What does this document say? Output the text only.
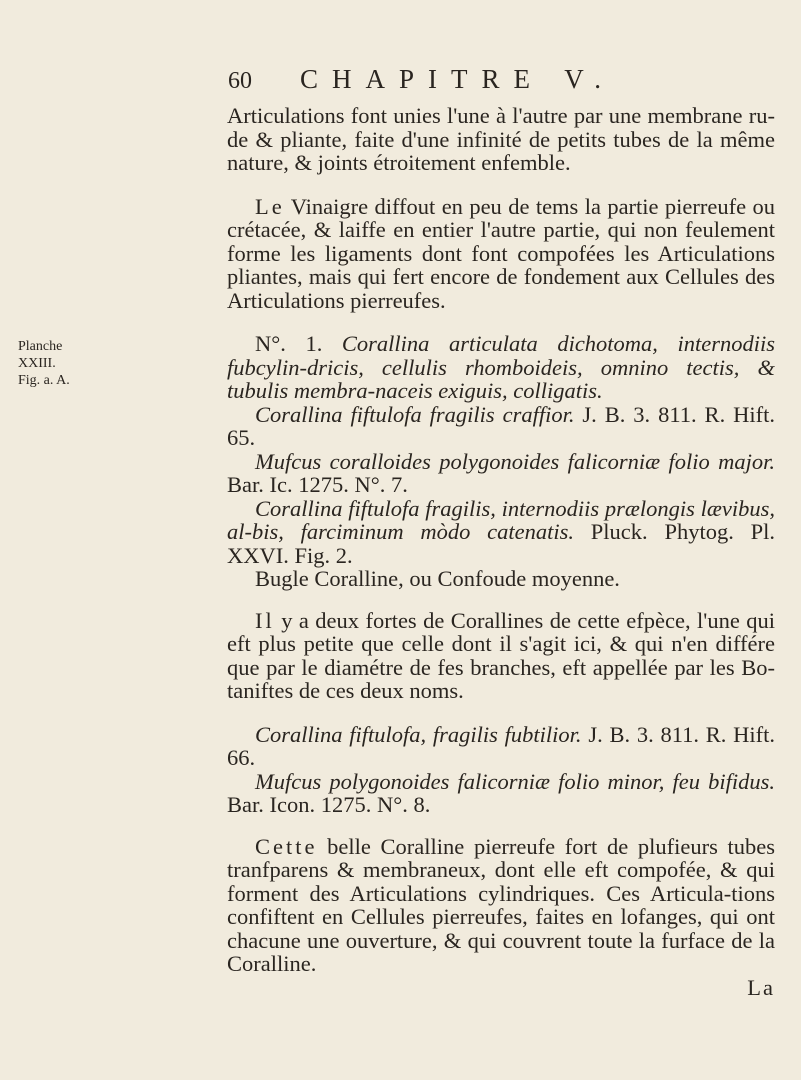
60 CHAPITRE V.
Planche
XXIII.
Fig. a. A.

Articulations font unies l'une à l'autre par une membrane ru-de & pliante, faite d'une infinité de petits tubes de la même nature, & joints étroitement enfemble.

Le Vinaigre diffout en peu de tems la partie pierreufe ou crétacée, & laiffe en entier l'autre partie, qui non feulement forme les ligaments dont font compofées les Articulations pliantes, mais qui fert encore de fondement aux Cellules des Articulations pierreufes.

N°. 1. Corallina articulata dichotoma, internodiis fubcylin-dricis, cellulis rhomboideis, omnino tectis, & tubulis membra-naceis exiguis, colligatis.

Corallina fiftulofa fragilis craffior. J. B. 3. 811. R. Hift. 65.

Mufcus coralloides polygonoides falicorniæ folio major. Bar. Ic. 1275. N°. 7.

Corallina fiftulofa fragilis, internodiis prælongis lævibus, al-bis, farciminum mòdo catenatis. Pluck. Phytog. Pl. XXVI. Fig. 2.

Bugle Coralline, ou Confoude moyenne.

Il y a deux fortes de Corallines de cette efpèce, l'une qui eft plus petite que celle dont il s'agit ici, & qui n'en différe que par le diamétre de fes branches, eft appellée par les Bo-taniftes de ces deux noms.

Corallina fiftulofa, fragilis fubtilior. J. B. 3. 811. R. Hift. 66.

Mufcus polygonoides falicorniæ folio minor, feu bifidus. Bar. Icon. 1275. N°. 8.

Cette belle Coralline pierreufe fort de plufieurs tubes tranfparens & membraneux, dont elle eft compofée, & qui forment des Articulations cylindriques. Ces Articula-tions confiftent en Cellules pierreufes, faites en lofanges, qui ont chacune une ouverture, & qui couvrent toute la furface de la Coralline.

La
